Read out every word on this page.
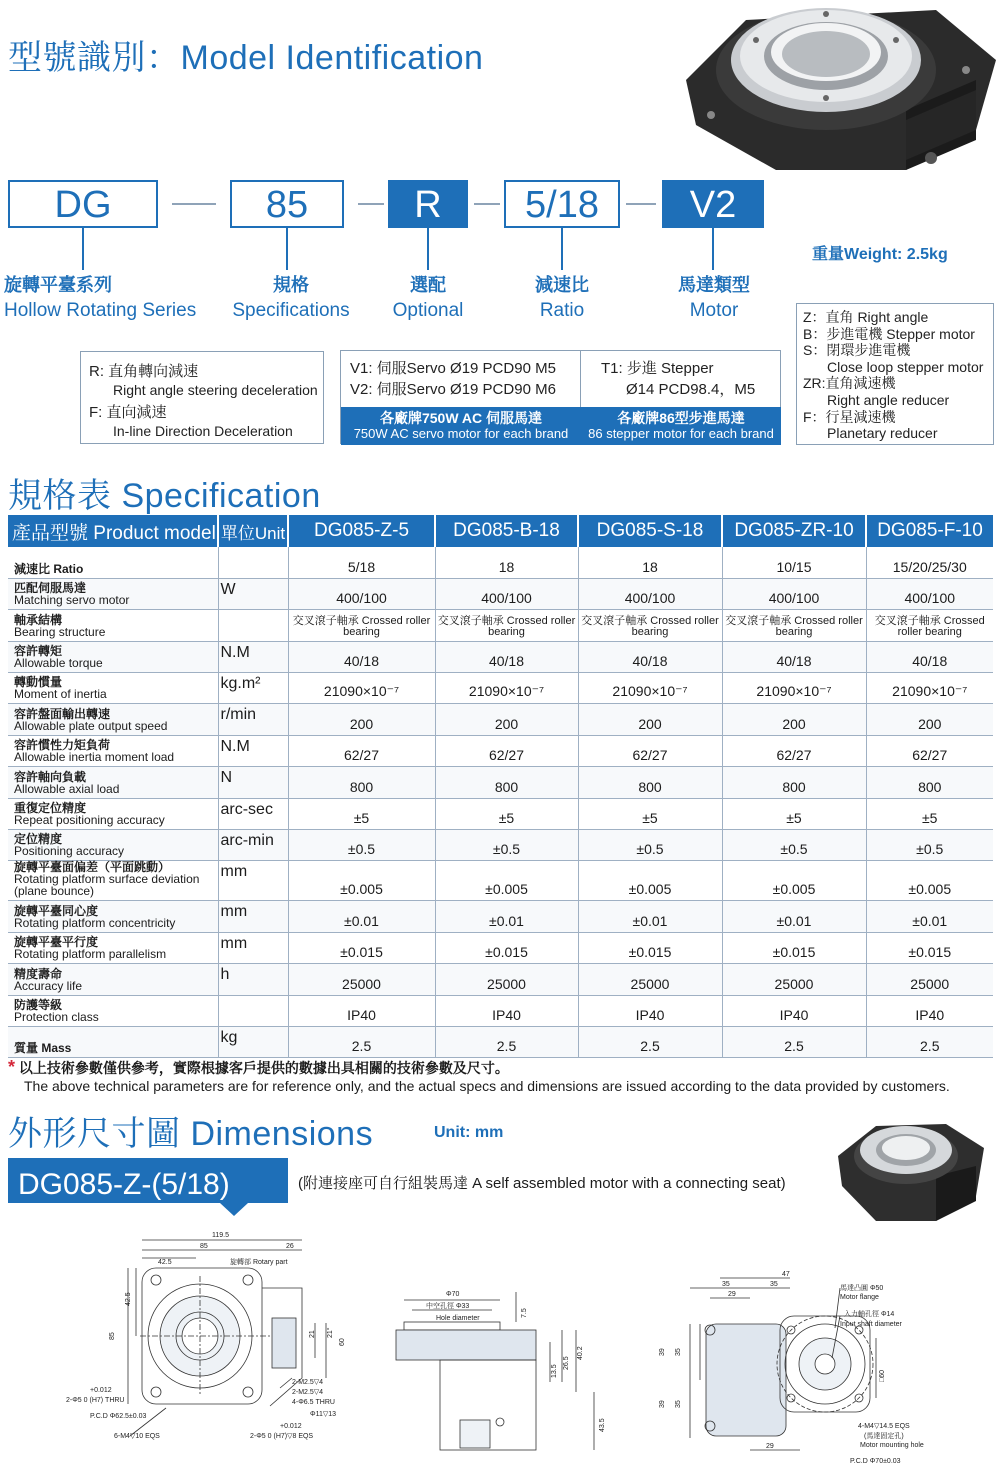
型號識別：Model Identification
DG	85	R	5/18	V2
旋轉平臺系列
Hollow Rotating Series
規格
Specifications
選配
Optional
減速比
Ratio
馬達類型
Motor
重量Weight: 2.5kg
R: 直角轉向減速
Right angle steering deceleration
F: 直向減速
In-line Direction Deceleration
V1: 伺服Servo Ø19 PCD90 M5
V2: 伺服Servo Ø19 PCD90 M6
各廠牌750W AC 伺服馬達
750W AC servo motor for each brand
T1: 步進 Stepper
Ø14 PCD98.4，M5
各廠牌86型步進馬達
86 stepper motor for each brand
Z：直角 Right angle
B：步進電機 Stepper motor
S：閉環步進電機
Close loop stepper motor
ZR:直角減速機
Right angle reducer
F：行星減速機
Planetary reducer
規格表 Specification
產品型號 Product model	單位Unit	DG085-Z-5	DG085-B-18	DG085-S-18	DG085-ZR-10	DG085-F-10

減速比 Ratio		5/18	18	18	10/15	15/20/25/30

匹配伺服馬達
Matching servo motor	W	400/100	400/100	400/100	400/100	400/100

軸承結構
Bearing structure		交叉滾子軸承 Crossed roller bearing	交叉滾子軸承 Crossed roller bearing	交叉滾子軸承 Crossed roller bearing	交叉滾子軸承 Crossed roller bearing	交叉滾子軸承 Crossed roller bearing

容許轉矩
Allowable torque	N.M	40/18	40/18	40/18	40/18	40/18

轉動慣量
Moment of inertia	kg.m²	21090×10⁻⁷	21090×10⁻⁷	21090×10⁻⁷	21090×10⁻⁷	21090×10⁻⁷

容許盤面輸出轉速
Allowable plate output speed	r/min	200	200	200	200	200

容許慣性力矩負荷
Allowable inertia moment load	N.M	62/27	62/27	62/27	62/27	62/27

容許軸向負載
Allowable axial load	N	800	800	800	800	800

重復定位精度
Repeat positioning accuracy	arc-sec	±5	±5	±5	±5	±5

定位精度
Positioning accuracy	arc-min	±0.5	±0.5	±0.5	±0.5	±0.5

旋轉平臺面偏差（平面跳動）
Rotating platform surface deviation (plane bounce)	mm	±0.005	±0.005	±0.005	±0.005	±0.005

旋轉平臺同心度
Rotating platform concentricity	mm	±0.01	±0.01	±0.01	±0.01	±0.01

旋轉平臺平行度
Rotating platform parallelism	mm	±0.015	±0.015	±0.015	±0.015	±0.015

精度壽命
Accuracy life	h	25000	25000	25000	25000	25000

防護等級
Protection class		IP40	IP40	IP40	IP40	IP40

質量 Mass	kg	2.5	2.5	2.5	2.5	2.5
* 以上技術參數僅供參考，實際根據客戶提供的數據出具相關的技術參數及尺寸。
The above technical parameters are for reference only, and the actual specs and dimensions are issued according to the data provided by customers.
外形尺寸圖 Dimensions	Unit: mm
DG085-Z-(5/18)	(附連接座可自行組裝馬達 A self assembled motor with a connecting seat)
119.5
85	26
42.5	旋轉部 Rotary part
42.5
85	21 21°
60
2-M2.5▽4
2-M2.5▽4
4-Φ6.5 THRU
Φ11▽13
+0.012
2-Φ5 0 (H7)▽8 EQS
+0.012
2-Φ5 0 (H7) THRU
P.C.D Φ62.5±0.03
6-M4▽10 EQS
Φ70
中空孔徑 Φ33
Hole diameter
7.5
13.5
26.5
40.2
43.5
47
35	35
29
馬達凸圓 Φ50
Motor flange
入力軸孔徑 Φ14
Input shaft diameter
39 35
39 35
□60
4-M4▽14.5 EQS
(馬達固定孔)
Motor mounting hole
P.C.D Φ70±0.03
29
